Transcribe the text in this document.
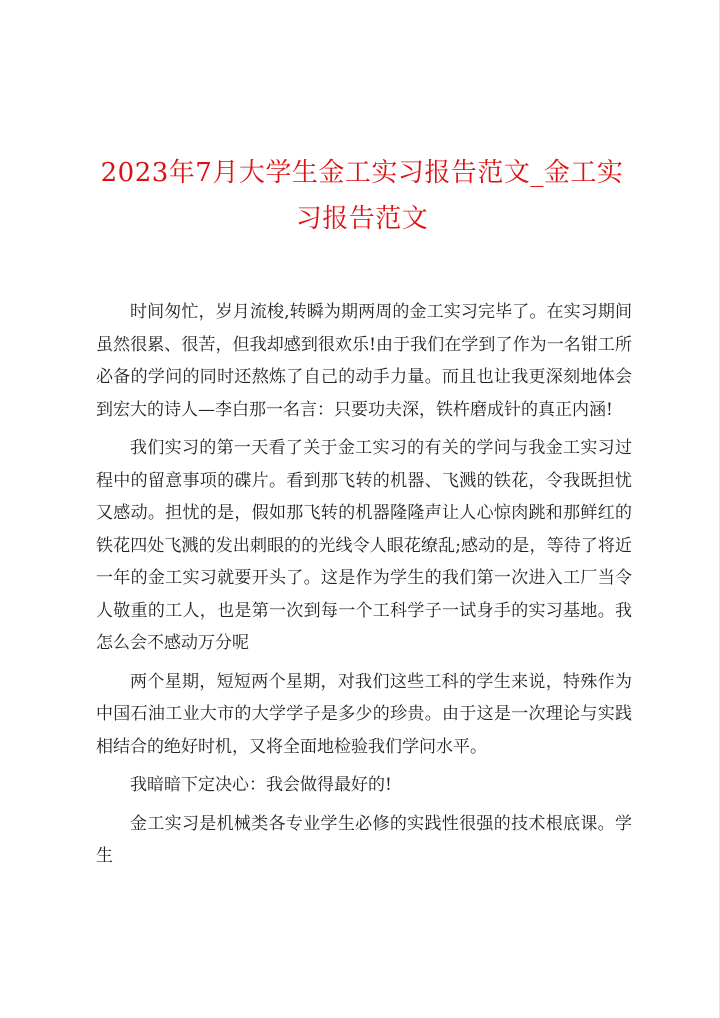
2023年7月大学生金工实习报告范文_金工实习报告范文

时间匆忙，岁月流梭,转瞬为期两周的金工实习完毕了。在实习期间虽然很累、很苦，但我却感到很欢乐!由于我们在学到了作为一名钳工所必备的学问的同时还熬炼了自己的动手力量。而且也让我更深刻地体会到宏大的诗人—李白那一名言：只要功夫深，铁杵磨成针的真正内涵!

我们实习的第一天看了关于金工实习的有关的学问与我金工实习过程中的留意事项的碟片。看到那飞转的机器、飞溅的铁花，令我既担忧又感动。担忧的是，假如那飞转的机器隆隆声让人心惊肉跳和那鲜红的铁花四处飞溅的发出刺眼的的光线令人眼花缭乱;感动的是，等待了将近一年的金工实习就要开头了。这是作为学生的我们第一次进入工厂当令人敬重的工人，也是第一次到每一个工科学子一试身手的实习基地。我怎么会不感动万分呢

两个星期，短短两个星期，对我们这些工科的学生来说，特殊作为中国石油工业大市的大学学子是多少的珍贵。由于这是一次理论与实践相结合的绝好时机，又将全面地检验我们学问水平。

我暗暗下定决心：我会做得最好的!

金工实习是机械类各专业学生必修的实践性很强的技术根底课。学生
